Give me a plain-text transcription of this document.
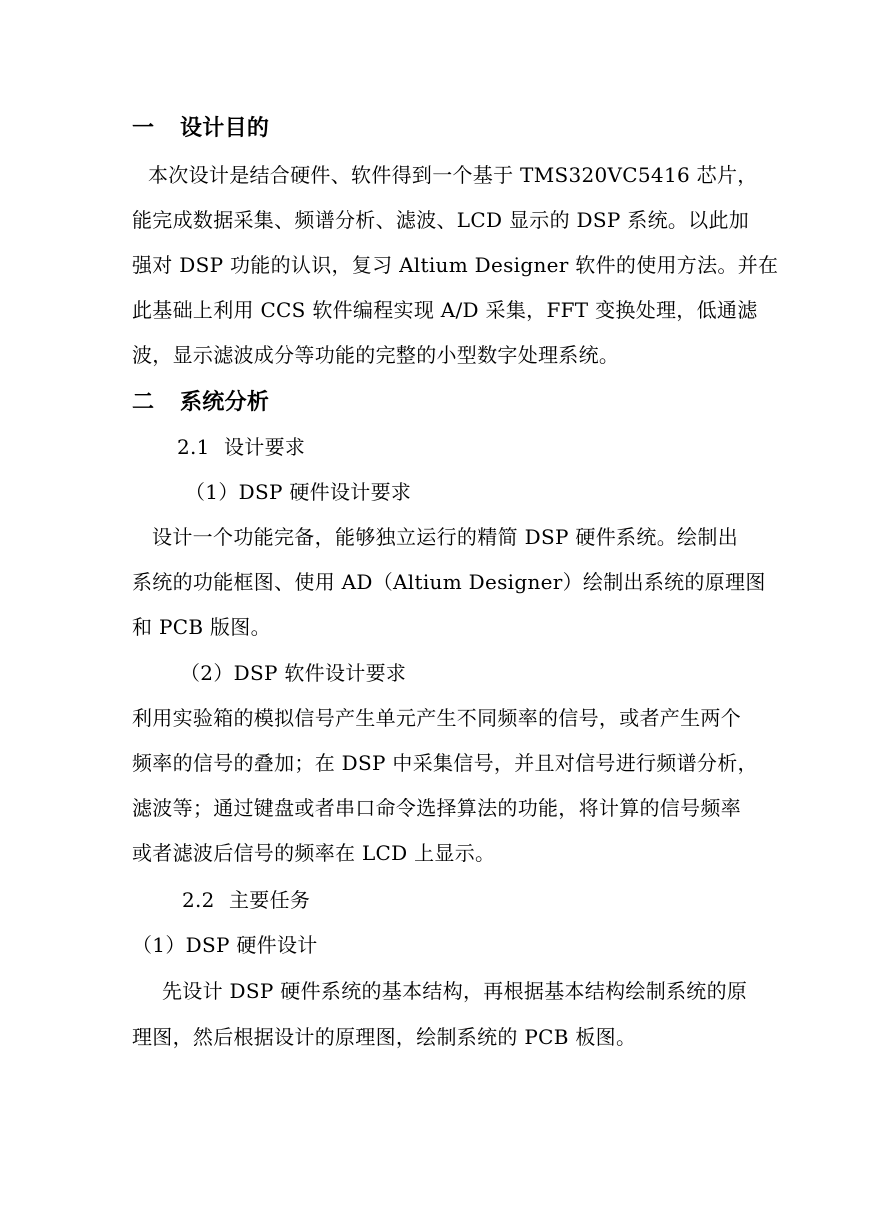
一 设计目的
本次设计是结合硬件、软件得到一个基于 TMS320VC5416 芯片，
能完成数据采集、频谱分析、滤波、LCD 显示的 DSP 系统。以此加
强对 DSP 功能的认识，复习 Altium Designer 软件的使用方法。并在
此基础上利用 CCS 软件编程实现 A/D 采集，FFT 变换处理，低通滤
波，显示滤波成分等功能的完整的小型数字处理系统。
二 系统分析
2.1 设计要求
（1）DSP 硬件设计要求
设计一个功能完备，能够独立运行的精简 DSP 硬件系统。绘制出
系统的功能框图、使用 AD（Altium Designer）绘制出系统的原理图
和 PCB 版图。
（2）DSP 软件设计要求
利用实验箱的模拟信号产生单元产生不同频率的信号，或者产生两个
频率的信号的叠加；在 DSP 中采集信号，并且对信号进行频谱分析，
滤波等；通过键盘或者串口命令选择算法的功能，将计算的信号频率
或者滤波后信号的频率在 LCD 上显示。
2.2 主要任务
（1）DSP 硬件设计
先设计 DSP 硬件系统的基本结构，再根据基本结构绘制系统的原
理图，然后根据设计的原理图，绘制系统的 PCB 板图。
